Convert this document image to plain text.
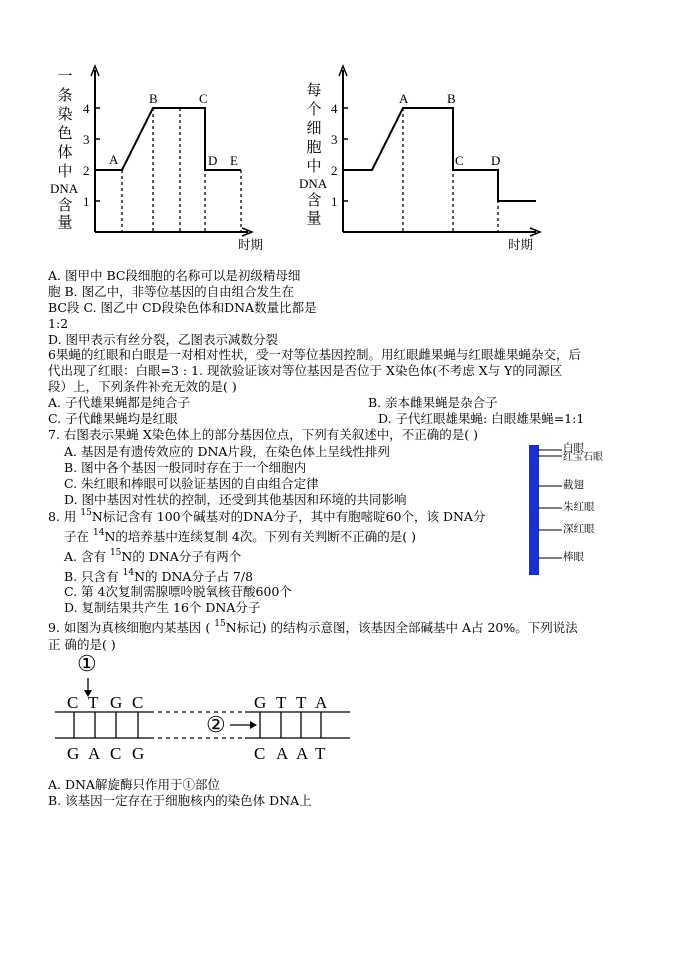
一
条
染
色
体
中
DNA
含
量
4
3
2
1
A
B	C
D E
时期
每
个
细
胞
中
DNA
含
量
4
3
2
1
A	B
C D
时期
A. 图甲中 BC段细胞的名称可以是初级精母细
胞 B. 图乙中，非等位基因的自由组合发生在
BC段 C. 图乙中 CD段染色体和DNA数量比都是
1:2
D. 图甲表示有丝分裂，乙图表示减数分裂
6果蝇的红眼和白眼是一对相对性状，受一对等位基因控制。用红眼雌果蝇与红眼雄果蝇杂交，后
代出现了红眼：白眼=3 : 1. 现欲验证该对等位基因是否位于 X染色体(不考虑 X与 Y的同源区
段）上，下列条件补充无效的是( )
A. 子代雄果蝇都是纯合子	B. 亲本雌果蝇是杂合子
C. 子代雌果蝇均是红眼	D. 子代红眼雄果蝇: 白眼雄果蝇=1:1
7. 右图表示果蝇 X染色体上的部分基因位点，下列有关叙述中，不正确的是( )
A. 基因是有遗传效应的 DNA片段，在染色体上呈线性排列
B. 图中各个基因一般同时存在于一个细胞内
C. 朱红眼和棒眼可以验证基因的自由组合定律
D. 图中基因对性状的控制，还受到其他基因和环境的共同影响
白眼
红宝石眼
截翅
朱红眼
深红眼
棒眼
8. 用 $^{15}$N标记含有 100个碱基对的DNA分子，其中有胞嘧啶60个，该 DNA分
子在 $^{14}$N的培养基中连续复制 4次。下列有关判断不正确的是( )
A. 含有 $^{15}$N的 DNA分子有两个
B. 只含有 $^{14}$N的 DNA分子占 7/8
C. 第 4次复制需腺嘌呤脱氧核苷酸600个
D. 复制结果共产生 16个 DNA分子
9. 如图为真核细胞内某基因 ( $^{15}$N标记) 的结构示意图，该基因全部碱基中 A占 20%。下列说法
正 确的是( )
①
②
C T G C	G T T A
G A C G	C A A T
A. DNA解旋酶只作用于①部位
B. 该基因一定存在于细胞核内的染色体 DNA上
